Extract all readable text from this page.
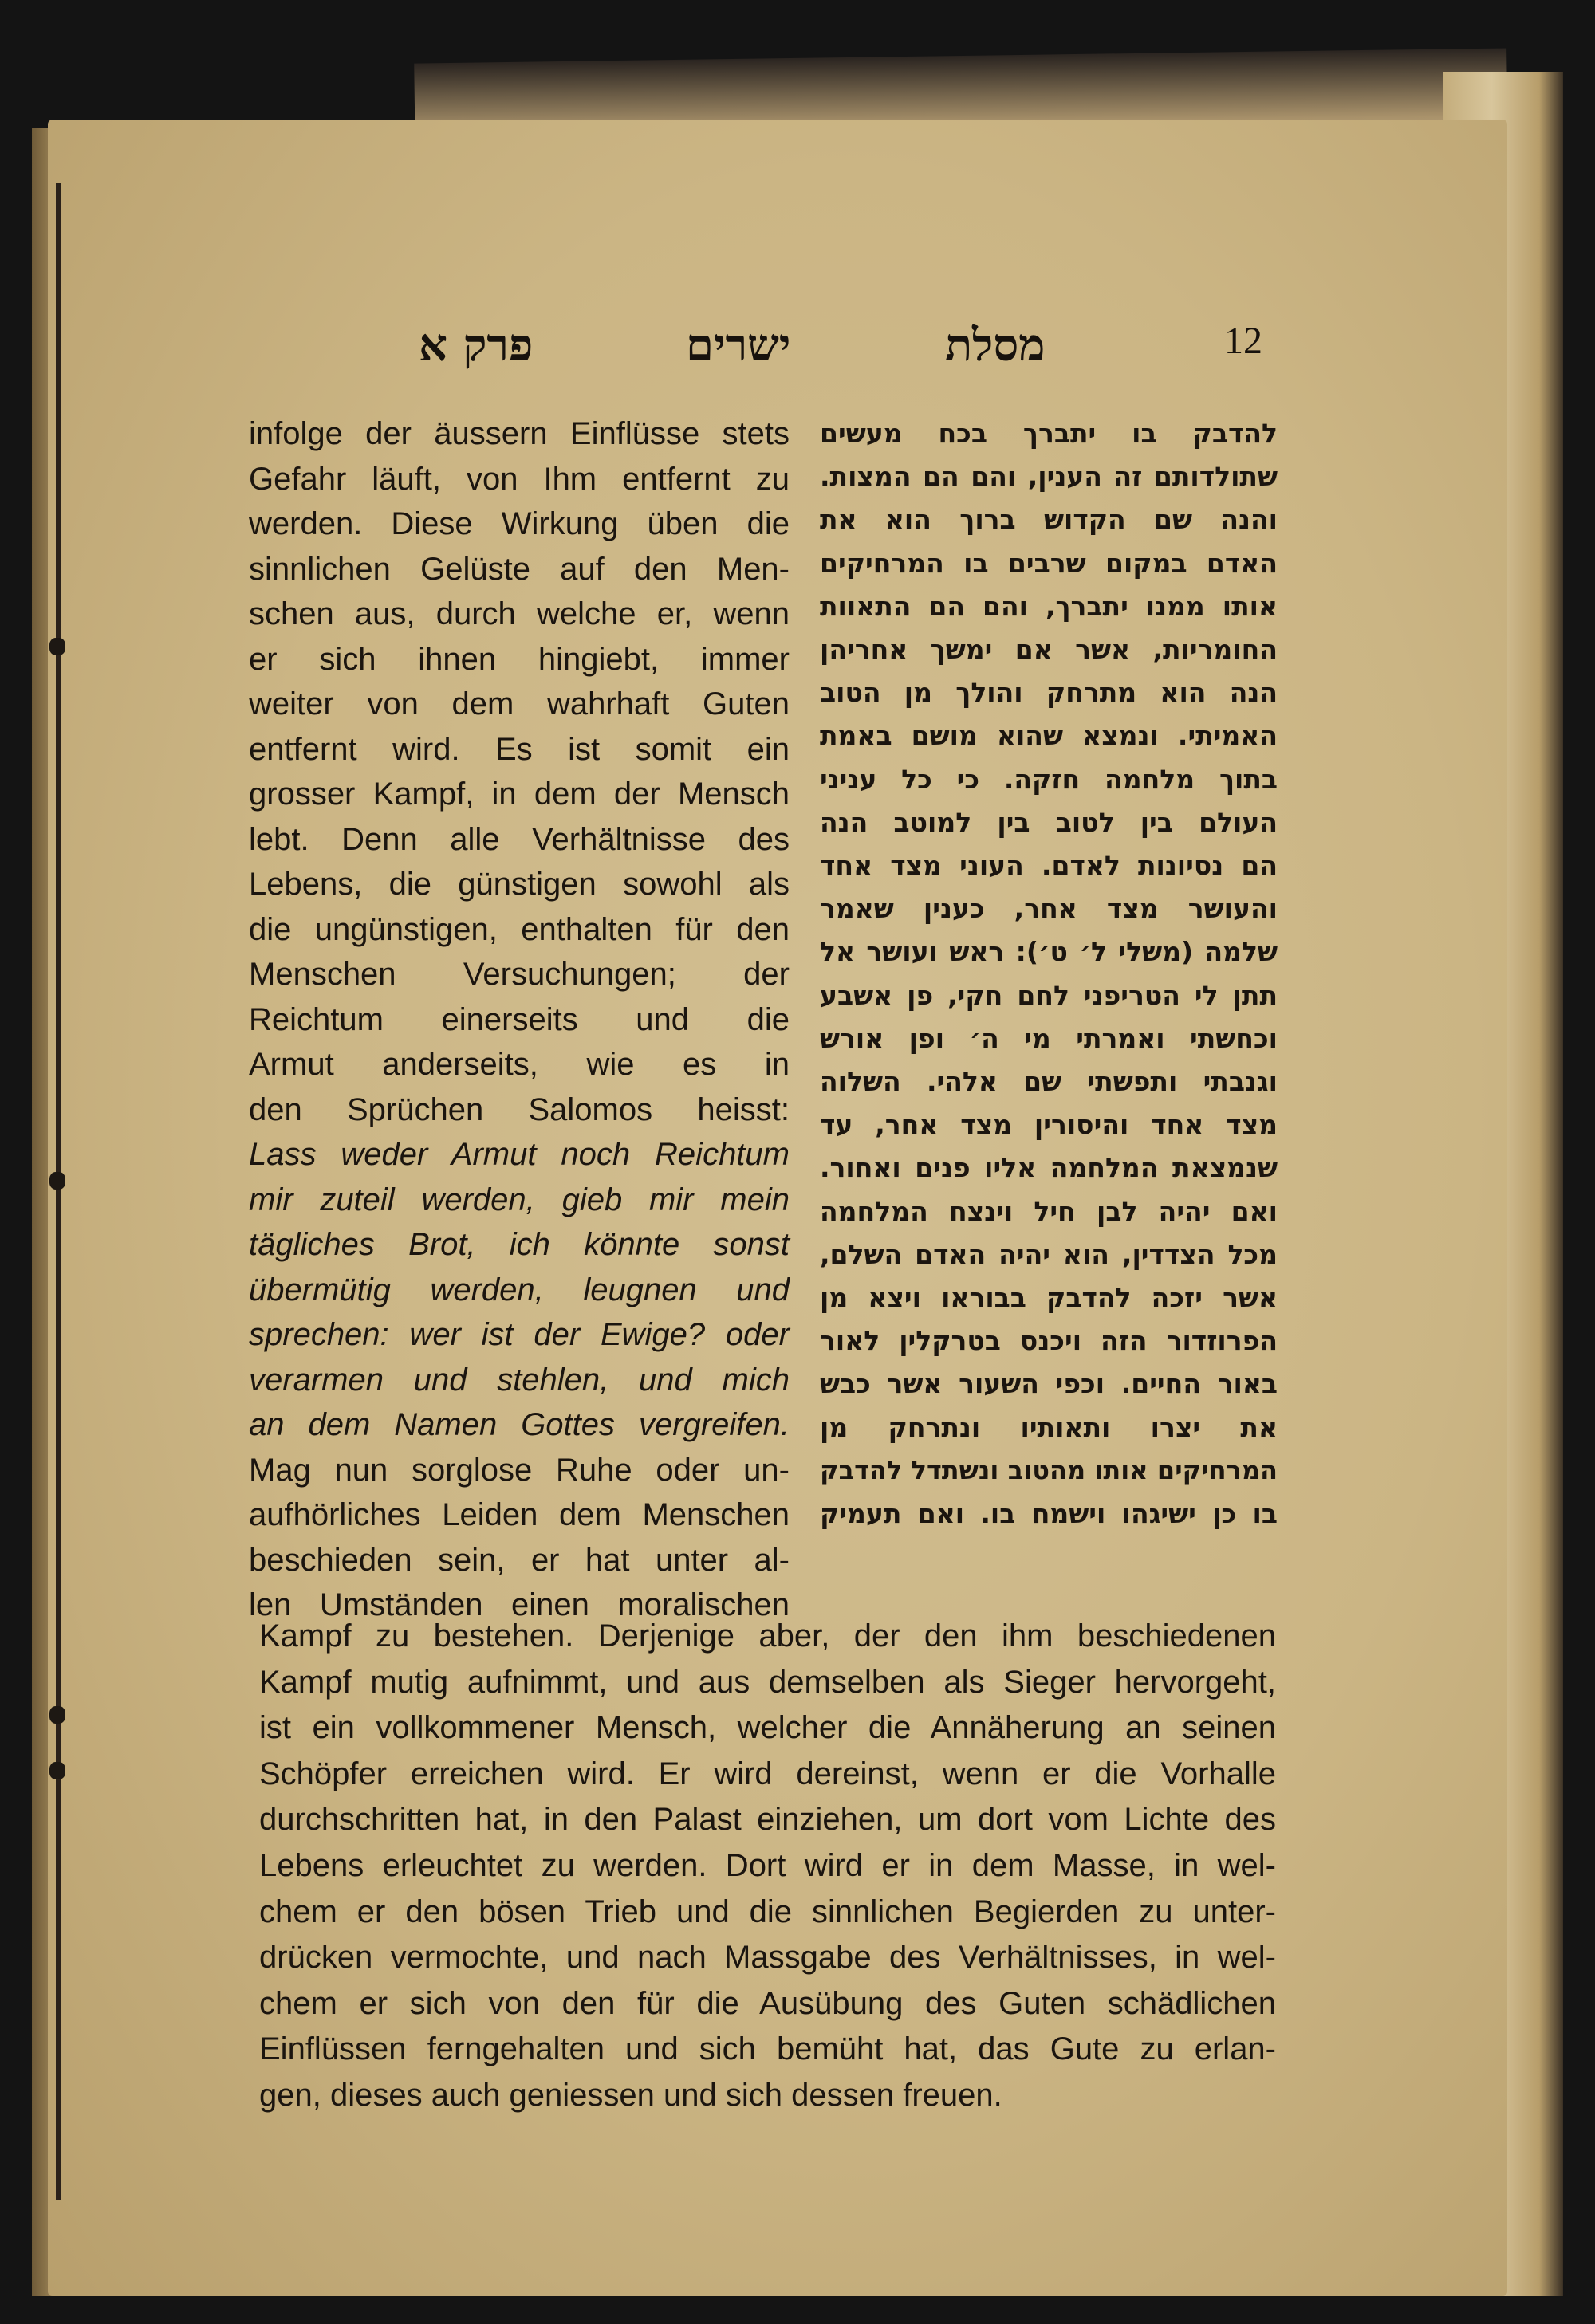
12
מסלת
ישרים
פרק א
infolge der äussern Einflüsse stets
Gefahr läuft, von Ihm entfernt zu
werden. Diese Wirkung üben die
sinnlichen Gelüste auf den Men-
schen aus, durch welche er, wenn
er sich ihnen hingiebt, immer
weiter von dem wahrhaft Guten
entfernt wird. Es ist somit ein
grosser Kampf, in dem der Mensch
lebt. Denn alle Verhältnisse des
Lebens, die günstigen sowohl als
die ungünstigen, enthalten für den
Menschen Versuchungen; der
Reichtum einerseits und die
Armut anderseits, wie es in
den Sprüchen Salomos heisst:
Lass weder Armut noch Reichtum
mir zuteil werden, gieb mir mein
tägliches Brot, ich könnte sonst
übermütig werden, leugnen und
sprechen: wer ist der Ewige? oder
verarmen und stehlen, und mich
an dem Namen Gottes vergreifen.
Mag nun sorglose Ruhe oder un-
aufhörliches Leiden dem Menschen
beschieden sein, er hat unter al-
len Umständen einen moralischen
Kampf zu bestehen. Derjenige aber, der den ihm beschiedenen
Kampf mutig aufnimmt, und aus demselben als Sieger hervorgeht,
ist ein vollkommener Mensch, welcher die Annäherung an seinen
Schöpfer erreichen wird. Er wird dereinst, wenn er die Vorhalle
durchschritten hat, in den Palast einziehen, um dort vom Lichte des
Lebens erleuchtet zu werden. Dort wird er in dem Masse, in wel-
chem er den bösen Trieb und die sinnlichen Begierden zu unter-
drücken vermochte, und nach Massgabe des Verhältnisses, in wel-
chem er sich von den für die Ausübung des Guten schädlichen
Einflüssen ferngehalten und sich bemüht hat, das Gute zu erlan-
gen, dieses auch geniessen und sich dessen freuen.
להדבק בו יתברך בכח מעשים
שתולדותם זה הענין, והם הם המצות.
והנה שם הקדוש ברוך הוא את
האדם במקום שרבים בו המרחיקים
אותו ממנו יתברך, והם הם התאוות
החומריות, אשר אם ימשך אחריהן
הנה הוא מתרחק והולך מן הטוב
האמיתי. ונמצא שהוא מושם באמת
בתוך מלחמה חזקה. כי כל עניני
העולם בין לטוב בין למוטב הנה
הם נסיונות לאדם. העוני מצד אחד
והעושר מצד אחר, כענין שאמר
שלמה (משלי ל׳ ט׳): ראש ועושר אל
תתן לי הטריפני לחם חקי, פן אשבע
וכחשתי ואמרתי מי ה׳ ופן אורש
וגנבתי ותפשתי שם אלהי. השלוה
מצד אחד והיסורין מצד אחר, עד
שנמצאת המלחמה אליו פנים ואחור.
ואם יהיה לבן חיל וינצח המלחמה
מכל הצדדין, הוא יהיה האדם השלם,
אשר יזכה להדבק בבוראו ויצא מן
הפרוזדור הזה ויכנס בטרקלין לאור
באור החיים. וכפי השעור אשר כבש
את יצרו ותאותיו ונתרחק מן
המרחיקים אותו מהטוב ונשתדל להדבק
בו כן ישיגהו וישמח בו. ואם תעמיק
